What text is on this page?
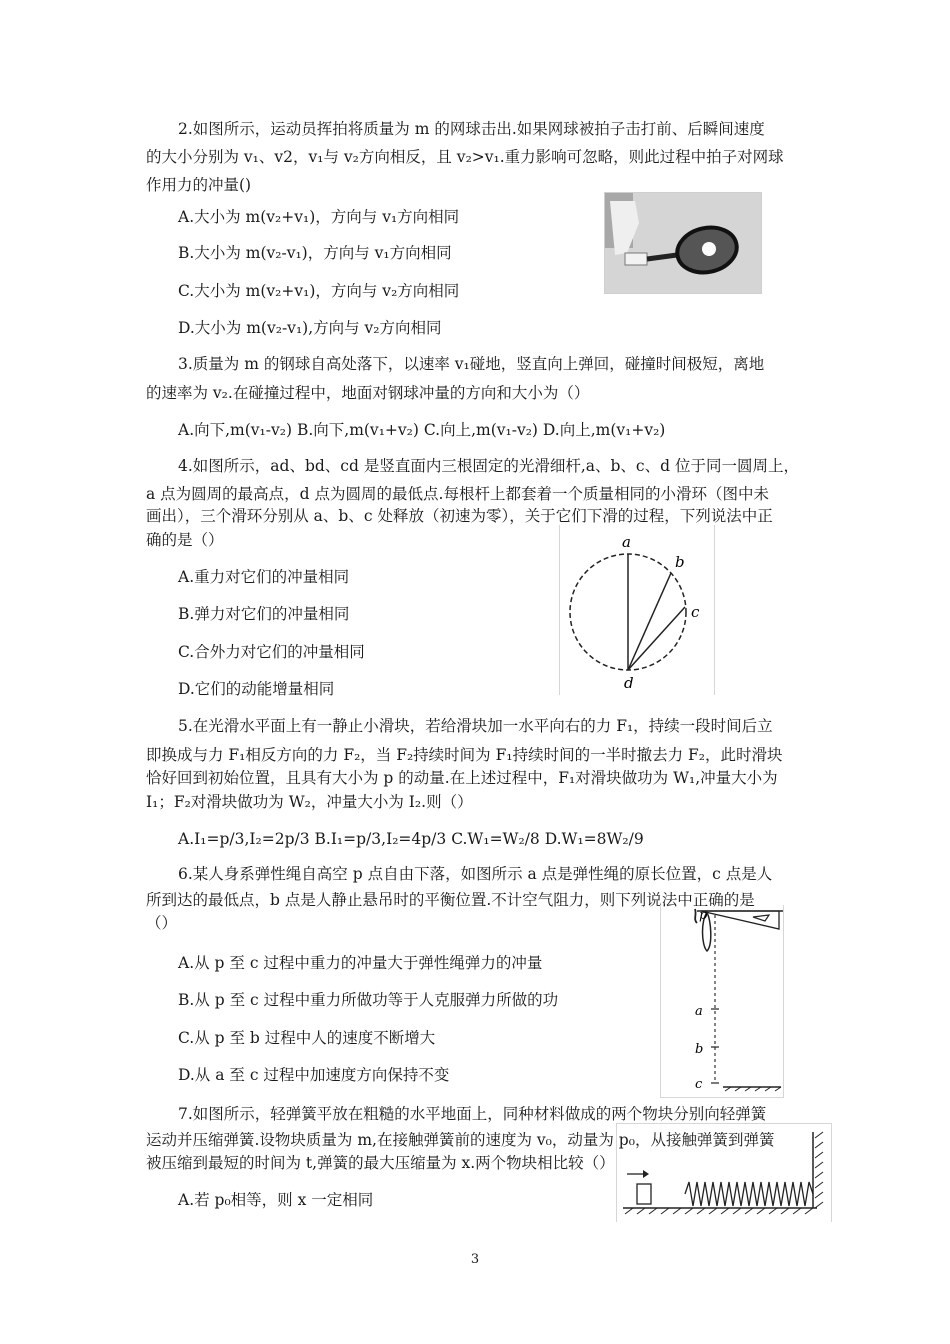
2.如图所示，运动员挥拍将质量为 m 的网球击出.如果网球被拍子击打前、后瞬间速度
的大小分别为 v₁、v2，v₁与 v₂方向相反，且 v₂>v₁.重力影响可忽略，则此过程中拍子对网球
作用力的冲量()
A.大小为 m(v₂+v₁)，方向与 v₁方向相同
B.大小为 m(v₂-v₁)，方向与 v₁方向相同
C.大小为 m(v₂+v₁)，方向与 v₂方向相同
D.大小为 m(v₂-v₁),方向与 v₂方向相同
3.质量为 m 的钢球自高处落下，以速率 v₁碰地，竖直向上弹回，碰撞时间极短，离地
的速率为 v₂.在碰撞过程中，地面对钢球冲量的方向和大小为（）
A.向下,m(v₁-v₂) B.向下,m(v₁+v₂) C.向上,m(v₁-v₂) D.向上,m(v₁+v₂)
4.如图所示，ad、bd、cd 是竖直面内三根固定的光滑细杆,a、b、c、d 位于同一圆周上，
a 点为圆周的最高点，d 点为圆周的最低点.每根杆上都套着一个质量相同的小滑环（图中未
画出），三个滑环分别从 a、b、c 处释放（初速为零），关于它们下滑的过程，下列说法中正
确的是（）
A.重力对它们的冲量相同
B.弹力对它们的冲量相同
C.合外力对它们的冲量相同
D.它们的动能增量相同
a
b
c
d
5.在光滑水平面上有一静止小滑块，若给滑块加一水平向右的力 F₁，持续一段时间后立
即换成与力 F₁相反方向的力 F₂，当 F₂持续时间为 F₁持续时间的一半时撤去力 F₂，此时滑块
恰好回到初始位置，且具有大小为 p 的动量.在上述过程中，F₁对滑块做功为 W₁,冲量大小为
I₁；F₂对滑块做功为 W₂，冲量大小为 I₂.则（）
A.I₁=p/3,I₂=2p/3 B.I₁=p/3,I₂=4p/3 C.W₁=W₂/8 D.W₁=8W₂/9
6.某人身系弹性绳自高空 p 点自由下落，如图所示 a 点是弹性绳的原长位置，c 点是人
所到达的最低点，b 点是人静止悬吊时的平衡位置.不计空气阻力，则下列说法中正确的是
（）
A.从 p 至 c 过程中重力的冲量大于弹性绳弹力的冲量
B.从 p 至 c 过程中重力所做功等于人克服弹力所做的功
C.从 p 至 b 过程中人的速度不断增大
D.从 a 至 c 过程中加速度方向保持不变
p
a
b
c
7.如图所示，轻弹簧平放在粗糙的水平地面上，同种材料做成的两个物块分别向轻弹簧
运动并压缩弹簧.设物块质量为 m,在接触弹簧前的速度为 v₀，动量为 p₀，从接触弹簧到弹簧
被压缩到最短的时间为 t,弹簧的最大压缩量为 x.两个物块相比较（）
A.若 p₀相等，则 x 一定相同
3
